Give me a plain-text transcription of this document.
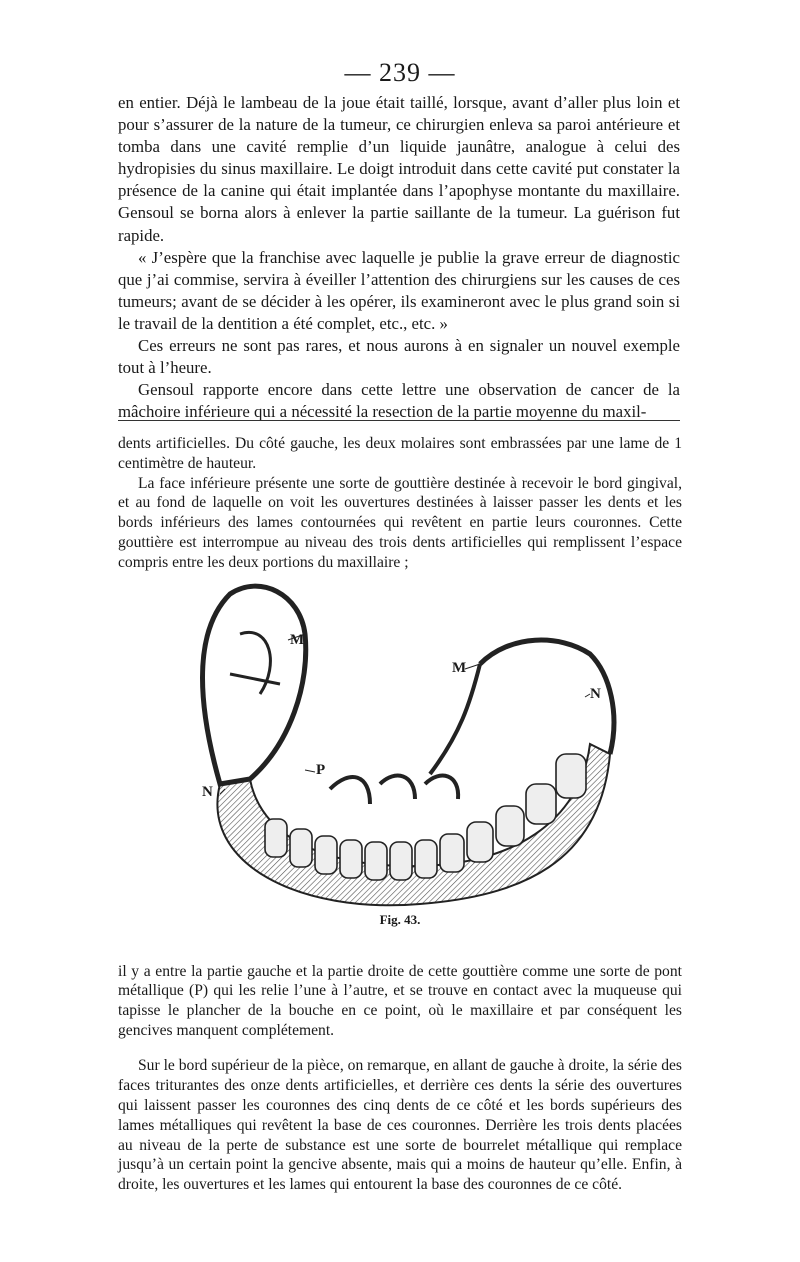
— 239 —

en entier. Déjà le lambeau de la joue était taillé, lorsque, avant d’aller plus loin et pour s’assurer de la nature de la tumeur, ce chirurgien enleva sa paroi antérieure et tomba dans une cavité remplie d’un liquide jaunâtre, analogue à celui des hydropisies du sinus maxillaire. Le doigt introduit dans cette cavité put constater la présence de la canine qui était implantée dans l’apophyse montante du maxillaire. Gensoul se borna alors à enlever la partie saillante de la tumeur. La guérison fut rapide.

« J’espère que la franchise avec laquelle je publie la grave erreur de diagnostic que j’ai commise, servira à éveiller l’attention des chirurgiens sur les causes de ces tumeurs; avant de se décider à les opérer, ils examineront avec le plus grand soin si le travail de la dentition a été complet, etc., etc. »

Ces erreurs ne sont pas rares, et nous aurons à en signaler un nouvel exemple tout à l’heure.

Gensoul rapporte encore dans cette lettre une observation de cancer de la mâchoire inférieure qui a nécessité la resection de la partie moyenne du maxil-

dents artificielles. Du côté gauche, les deux molaires sont embrassées par une lame de 1 centimètre de hauteur.

La face inférieure présente une sorte de gouttière destinée à recevoir le bord gingival, et au fond de laquelle on voit les ouvertures destinées à laisser passer les dents et les bords inférieurs des lames contournées qui revêtent en partie leurs couronnes. Cette gouttière est interrompue au niveau des trois dents artificielles qui remplissent l’espace compris entre les deux portions du maxillaire ;

M
M
N
N
P
Fig. 43.

il y a entre la partie gauche et la partie droite de cette gouttière comme une sorte de pont métallique (P) qui les relie l’une à l’autre, et se trouve en contact avec la muqueuse qui tapisse le plancher de la bouche en ce point, où le maxillaire et par conséquent les gencives manquent complétement.

Sur le bord supérieur de la pièce, on remarque, en allant de gauche à droite, la série des faces triturantes des onze dents artificielles, et derrière ces dents la série des ouvertures qui laissent passer les couronnes des cinq dents de ce côté et les bords supérieurs des lames métalliques qui revêtent la base de ces couronnes. Derrière les trois dents placées au niveau de la perte de substance est une sorte de bourrelet métallique qui remplace jusqu’à un certain point la gencive absente, mais qui a moins de hauteur qu’elle. Enfin, à droite, les ouvertures et les lames qui entourent la base des couronnes de ce côté.
